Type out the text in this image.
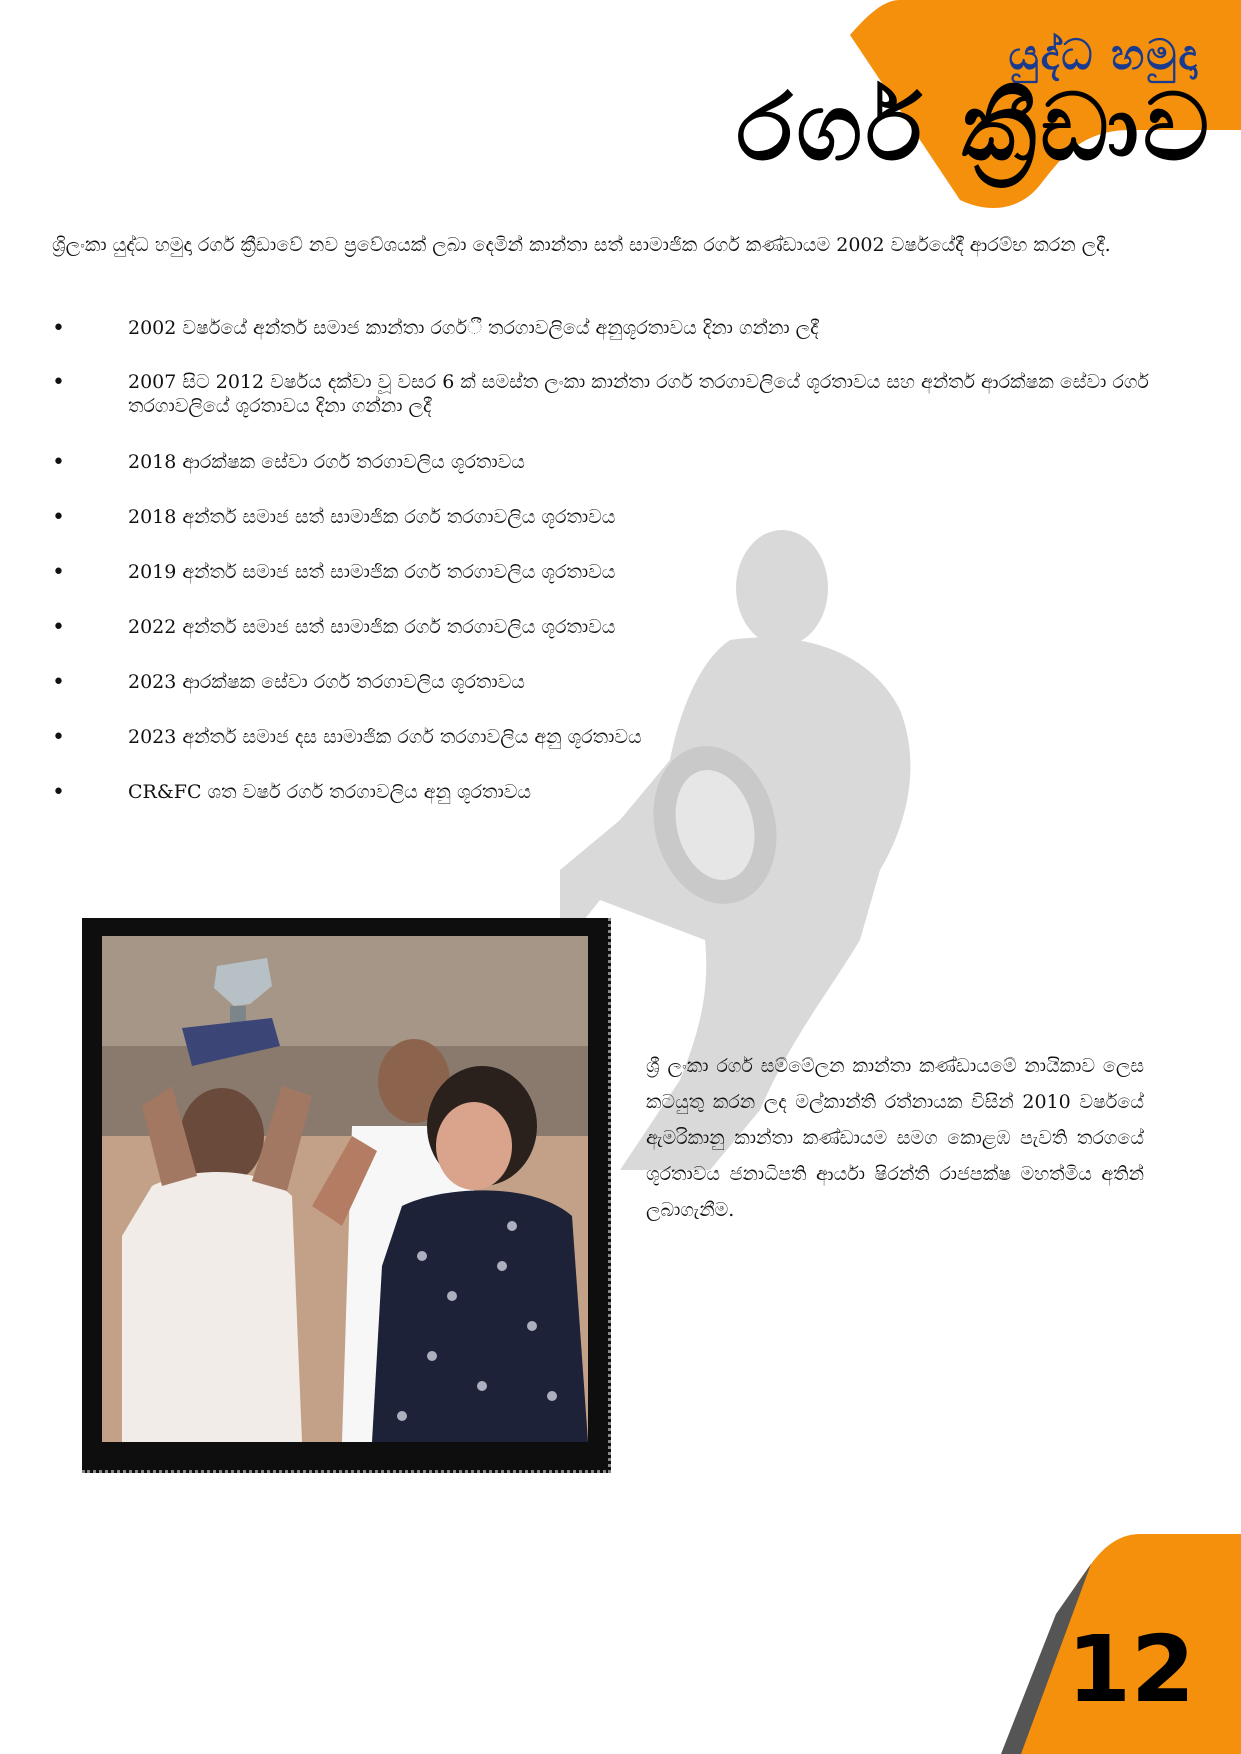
යුද්ධ හමුදා
රගර් ක්‍රීඩාව
ශ්‍රිලංකා යුද්ධ හමුදා රගර් ක්‍රීඩාවේ නව ප්‍රවේශයක් ලබා දෙමින් කාන්තා සත් සාමාජික රගර් කණ්ඩායම 2002 වර්ෂයේදී ආරම්භ කරන ලදී.
•	2002 වර්ෂයේ අන්තර් සමාජ කාන්තා රගර්ී තරගාවලියේ අනුශූරතාවය දිනා ගන්නා ලදී
•	2007 සිට 2012 වර්ෂය දක්වා වූ වසර 6 ක් සමස්ත ලංකා කාන්තා රගර් තරගාවලියේ ශූරතාවය සහ අන්තර් ආරක්ෂක සේවා රගර් තරගාවලියේ ශූරතාවය දිනා ගන්නා ලදී
•	2018 ආරක්ෂක සේවා රගර් තරගාවලිය ශූරතාවය
•	2018 අන්තර් සමාජ සත් සාමාජික රගර් තරගාවලිය ශූරතාවය
•	2019 අන්තර් සමාජ සත් සාමාජික රගර් තරගාවලිය ශූරතාවය
•	2022 අන්තර් සමාජ සත් සාමාජික රගර් තරගාවලිය ශූරතාවය
•	2023 ආරක්ෂක සේවා රගර් තරගාවලිය ශූරතාවය
•	2023 අන්තර් සමාජ දස සාමාජික රගර් තරගාවලිය අනු ශූරතාවය
•	CR&FC ශත වර්ෂ රගර් තරගාවලිය අනු ශූරතාවය
ශ්‍රී ලංකා රගර් සම්මේලන කාන්තා කණ්ඩායමේ නායිකාව ලෙස කටයුතු කරන ලද මල්කාන්ති රත්නායක විසින් 2010 වර්ෂයේ ඇමරිකානු කාන්තා කණ්ඩායම සමග කොළඹ පැවති තරගයේ ශූරතාවය ජනාධිපති ආර්යා ෂිරන්ති රාජපක්ෂ මහත්මිය අතින් ලබාගැනීම.
12
